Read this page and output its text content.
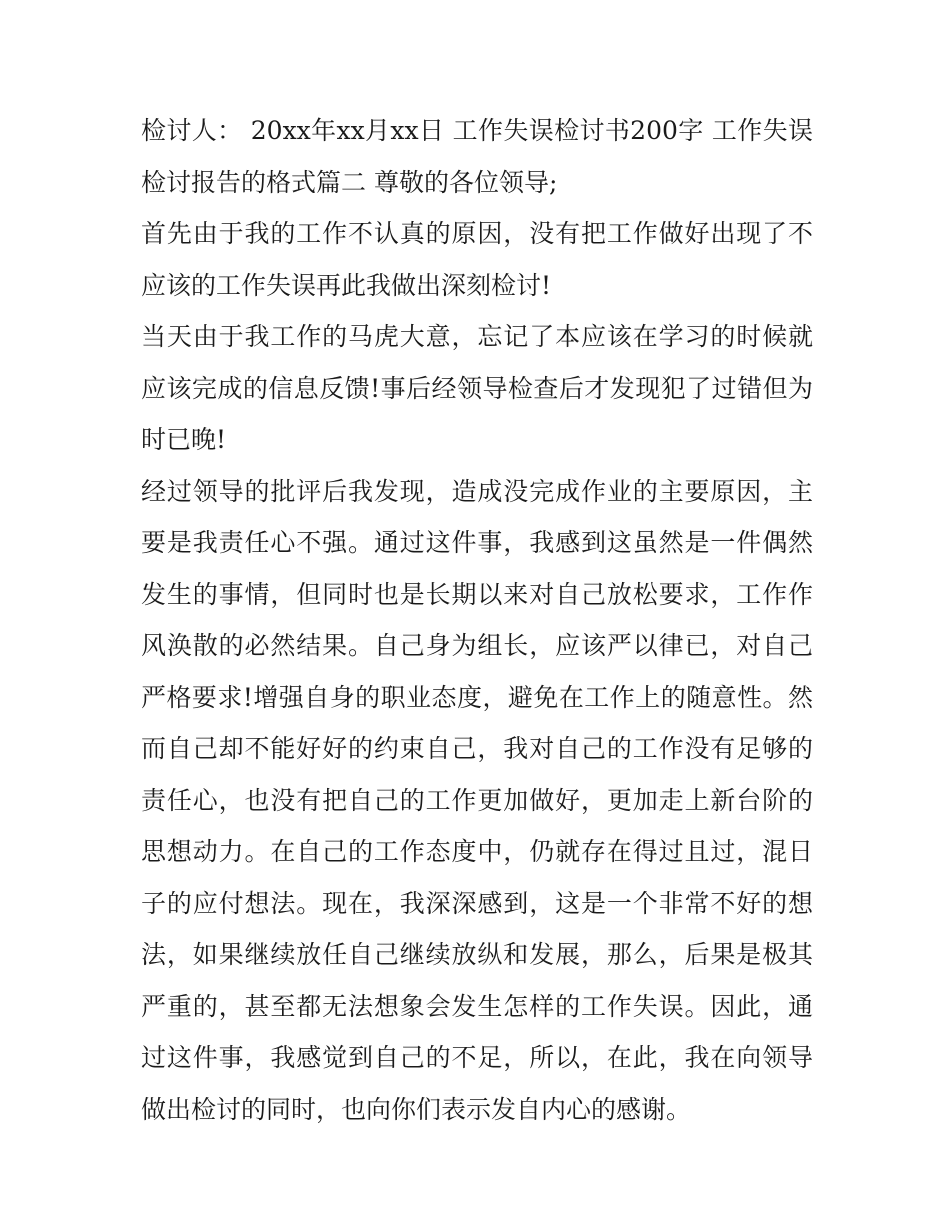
检讨人： 20xx年xx月xx日 工作失误检讨书200字 工作失误检讨报告的格式篇二 尊敬的各位领导;

首先由于我的工作不认真的原因，没有把工作做好出现了不应该的工作失误再此我做出深刻检讨!

当天由于我工作的马虎大意，忘记了本应该在学习的时候就应该完成的信息反馈!事后经领导检查后才发现犯了过错但为时已晚!

经过领导的批评后我发现，造成没完成作业的主要原因，主要是我责任心不强。通过这件事，我感到这虽然是一件偶然发生的事情，但同时也是长期以来对自己放松要求，工作作风涣散的必然结果。自己身为组长，应该严以律已，对自己严格要求!增强自身的职业态度，避免在工作上的随意性。然而自己却不能好好的约束自己，我对自己的工作没有足够的责任心，也没有把自己的工作更加做好，更加走上新台阶的思想动力。在自己的工作态度中，仍就存在得过且过，混日子的应付想法。现在，我深深感到，这是一个非常不好的想法，如果继续放任自己继续放纵和发展，那么，后果是极其严重的，甚至都无法想象会发生怎样的工作失误。因此，通过这件事，我感觉到自己的不足，所以，在此，我在向领导做出检讨的同时，也向你们表示发自内心的感谢。
